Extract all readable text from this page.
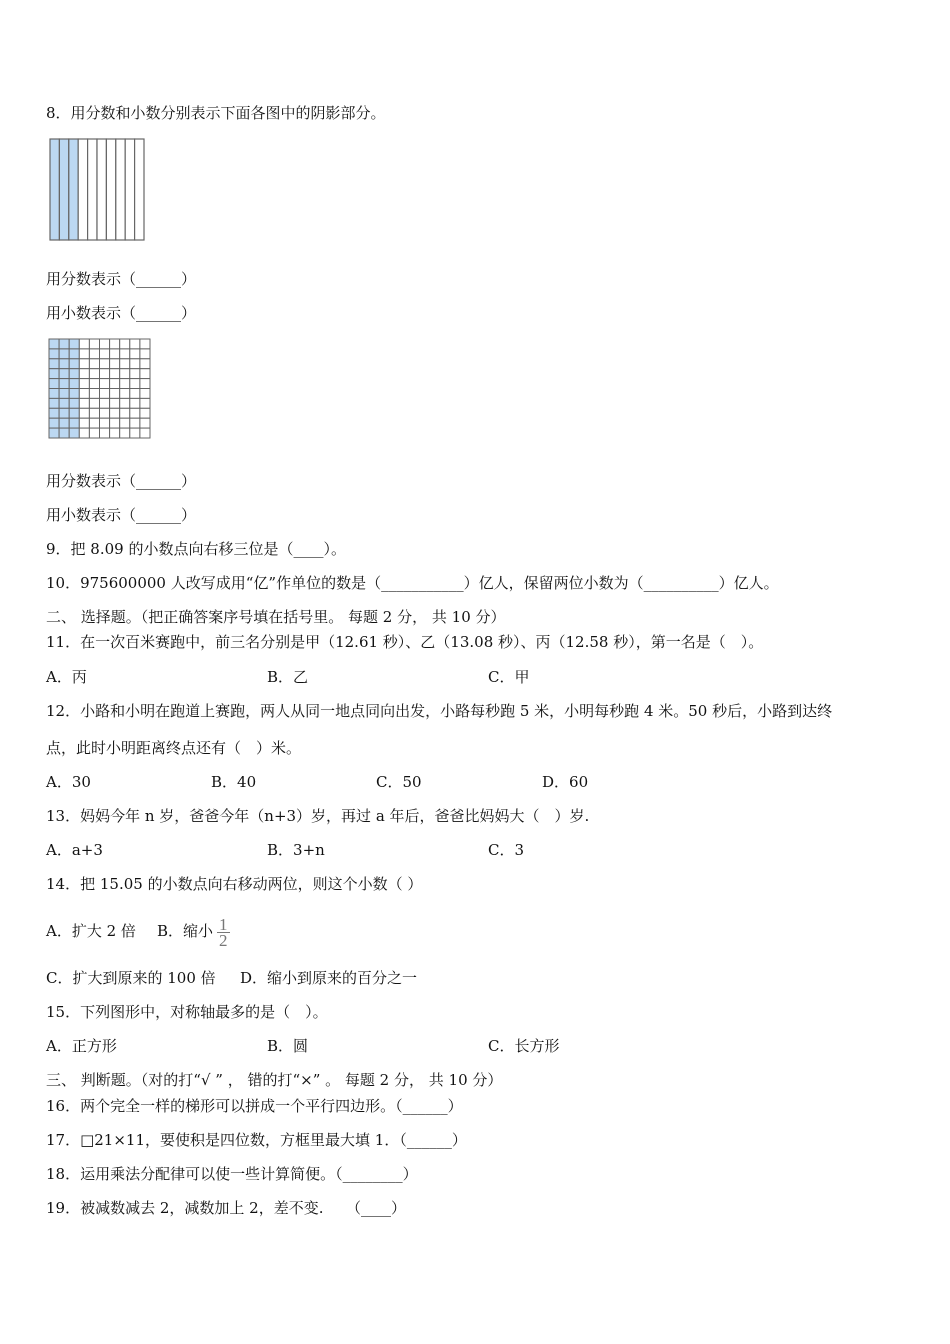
8．用分数和小数分别表示下面各图中的阴影部分。
用分数表示（______）
用小数表示（______）
用分数表示（______）
用小数表示（______）
9．把 8.09 的小数点向右移三位是（____）。
10．975600000 人改写成用“亿”作单位的数是（___________）亿人，保留两位小数为（__________）亿人。
二、 选择题。（把正确答案序号填在括号里。 每题 2 分， 共 10 分）
11．在一次百米赛跑中，前三名分别是甲（12.61 秒）、乙（13.08 秒）、丙（12.58 秒），第一名是（　）。
A．丙	B．乙	C．甲
12．小路和小明在跑道上赛跑，两人从同一地点同向出发，小路每秒跑 5 米，小明每秒跑 4 米。50 秒后，小路到达终
点，此时小明距离终点还有（　）米。
A．30	B．40	C．50	D．60
13．妈妈今年 n 岁，爸爸今年（n+3）岁，再过 a 年后，爸爸比妈妈大（　）岁.
A．a+3	B．3+n	C．3
14．把 15.05 的小数点向右移动两位，则这个小数（ ）
A．扩大 2 倍 B．缩小 $\frac{1}{2}$
C．扩大到原来的 100 倍 D．缩小到原来的百分之一
15．下列图形中，对称轴最多的是（　）。
A．正方形	B．圆	C．长方形
三、 判断题。（对的打“√ ” ， 错的打“×” 。 每题 2 分， 共 10 分）
16．两个完全一样的梯形可以拼成一个平行四边形。（______）
17．□21×11，要使积是四位数，方框里最大填 1．（______）
18．运用乘法分配律可以使一些计算简便。（________）
19．被减数减去 2，减数加上 2，差不变.　　（____）
